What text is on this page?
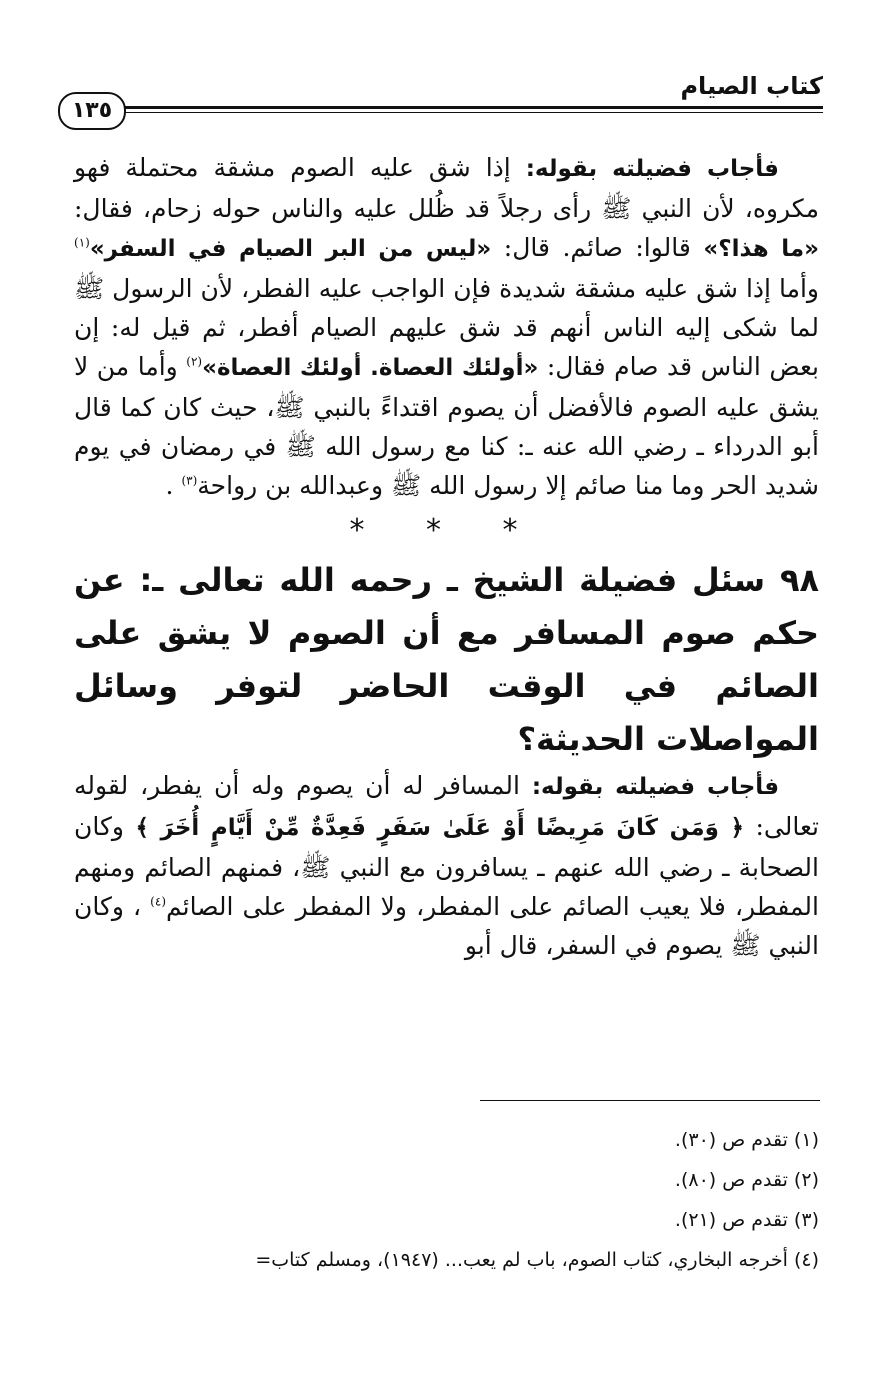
كتاب الصيام
١٣٥

فأجاب فضيلته بقوله: إذا شق عليه الصوم مشقة محتملة فهو مكروه، لأن النبي ﷺ رأى رجلاً قد ظُلل عليه والناس حوله زحام، فقال: «ما هذا؟» قالوا: صائم. قال: «ليس من البر الصيام في السفر»$^{(١)}$ وأما إذا شق عليه مشقة شديدة فإن الواجب عليه الفطر، لأن الرسول ﷺ لما شكى إليه الناس أنهم قد شق عليهم الصيام أفطر، ثم قيل له: إن بعض الناس قد صام فقال: «أولئك العصاة. أولئك العصاة»$^{(٢)}$ وأما من لا يشق عليه الصوم فالأفضل أن يصوم اقتداءً بالنبي ﷺ، حيث كان كما قال أبو الدرداء ـ رضي الله عنه ـ: كنا مع رسول الله ﷺ في رمضان في يوم شديد الحر وما منا صائم إلا رسول الله ﷺ وعبدالله بن رواحة$^{(٣)}$ .

* * *

٩٨ سئل فضيلة الشيخ ـ رحمه الله تعالى ـ: عن حكم صوم المسافر مع أن الصوم لا يشق على الصائم في الوقت الحاضر لتوفر وسائل المواصلات الحديثة؟

فأجاب فضيلته بقوله: المسافر له أن يصوم وله أن يفطر، لقوله تعالى: ﴿ وَمَن كَانَ مَرِيضًا أَوْ عَلَىٰ سَفَرٍ فَعِدَّةٌ مِّنْ أَيَّامٍ أُخَرَ ﴾ وكان الصحابة ـ رضي الله عنهم ـ يسافرون مع النبي ﷺ، فمنهم الصائم ومنهم المفطر، فلا يعيب الصائم على المفطر، ولا المفطر على الصائم$^{(٤)}$ ، وكان النبي ﷺ يصوم في السفر، قال أبو

(١) تقدم ص (٣٠).

(٢) تقدم ص (٨٠).

(٣) تقدم ص (٢١).

(٤) أخرجه البخاري، كتاب الصوم، باب لم يعب... (١٩٤٧)، ومسلم كتاب=
